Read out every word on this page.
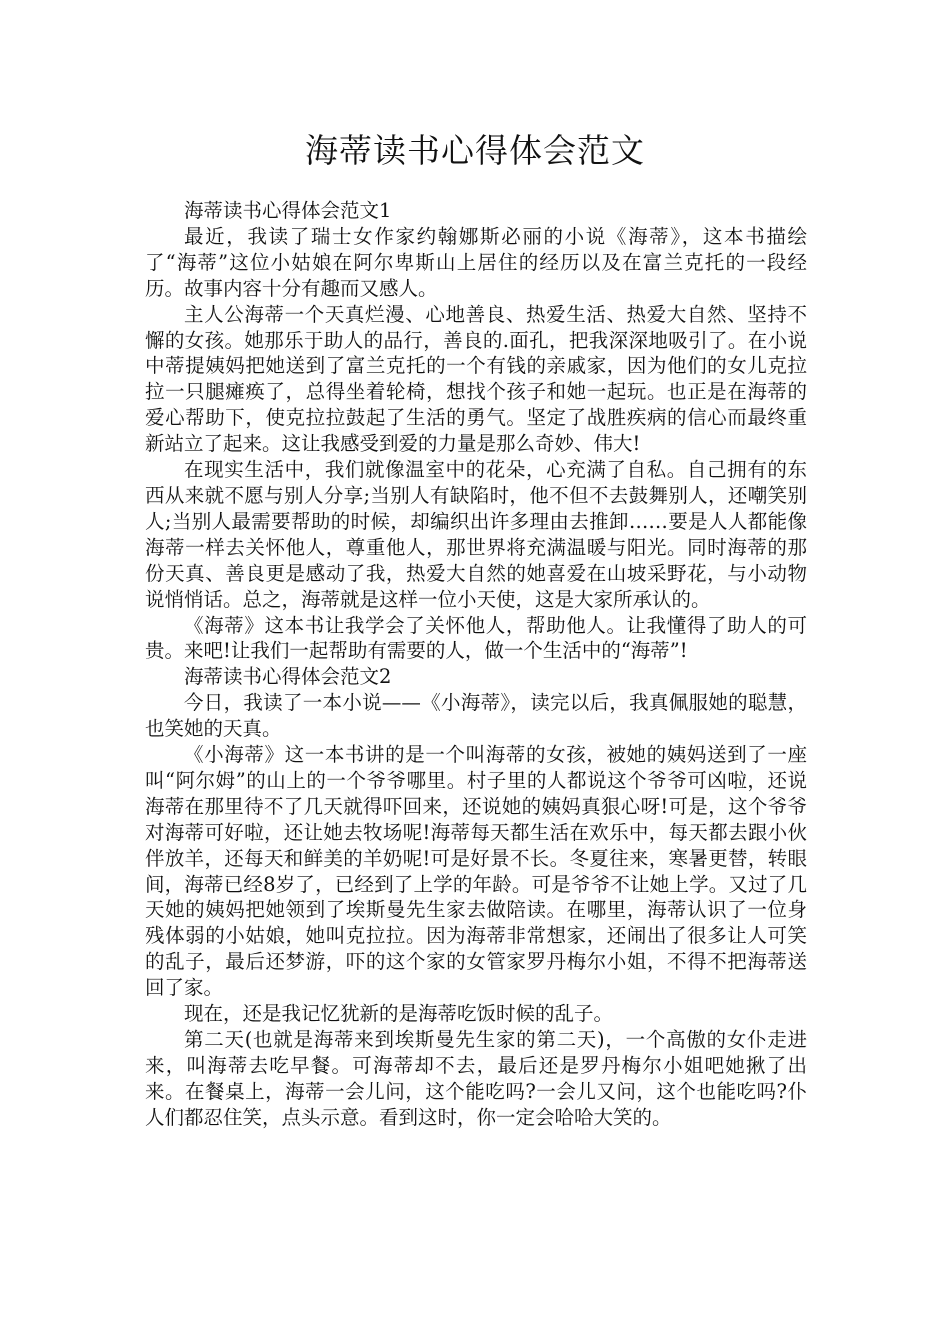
海蒂读书心得体会范文

海蒂读书心得体会范文1

最近，我读了瑞士女作家约翰娜斯必丽的小说《海蒂》，这本书描绘了“海蒂”这位小姑娘在阿尔卑斯山上居住的经历以及在富兰克托的一段经历。故事内容十分有趣而又感人。

主人公海蒂一个天真烂漫、心地善良、热爱生活、热爱大自然、坚持不懈的女孩。她那乐于助人的品行，善良的.面孔，把我深深地吸引了。在小说中蒂提姨妈把她送到了富兰克托的一个有钱的亲戚家，因为他们的女儿克拉拉一只腿瘫痪了，总得坐着轮椅，想找个孩子和她一起玩。也正是在海蒂的爱心帮助下，使克拉拉鼓起了生活的勇气。坚定了战胜疾病的信心而最终重新站立了起来。这让我感受到爱的力量是那么奇妙、伟大!

在现实生活中，我们就像温室中的花朵，心充满了自私。自己拥有的东西从来就不愿与别人分享;当别人有缺陷时，他不但不去鼓舞别人，还嘲笑别人;当别人最需要帮助的时候，却编织出许多理由去推卸……要是人人都能像海蒂一样去关怀他人，尊重他人，那世界将充满温暖与阳光。同时海蒂的那份天真、善良更是感动了我，热爱大自然的她喜爱在山坡采野花，与小动物说悄悄话。总之，海蒂就是这样一位小天使，这是大家所承认的。

《海蒂》这本书让我学会了关怀他人，帮助他人。让我懂得了助人的可贵。来吧!让我们一起帮助有需要的人，做一个生活中的“海蒂”!

海蒂读书心得体会范文2

今日，我读了一本小说——《小海蒂》，读完以后，我真佩服她的聪慧，也笑她的天真。

《小海蒂》这一本书讲的是一个叫海蒂的女孩，被她的姨妈送到了一座叫“阿尔姆”的山上的一个爷爷哪里。村子里的人都说这个爷爷可凶啦，还说海蒂在那里待不了几天就得吓回来，还说她的姨妈真狠心呀!可是，这个爷爷对海蒂可好啦，还让她去牧场呢!海蒂每天都生活在欢乐中，每天都去跟小伙伴放羊，还每天和鲜美的羊奶呢!可是好景不长。冬夏往来，寒暑更替，转眼间，海蒂已经8岁了，已经到了上学的年龄。可是爷爷不让她上学。又过了几天她的姨妈把她领到了埃斯曼先生家去做陪读。在哪里，海蒂认识了一位身残体弱的小姑娘，她叫克拉拉。因为海蒂非常想家，还闹出了很多让人可笑的乱子，最后还梦游，吓的这个家的女管家罗丹梅尔小姐，不得不把海蒂送回了家。

现在，还是我记忆犹新的是海蒂吃饭时候的乱子。

第二天(也就是海蒂来到埃斯曼先生家的第二天)，一个高傲的女仆走进来，叫海蒂去吃早餐。可海蒂却不去，最后还是罗丹梅尔小姐吧她揪了出来。在餐桌上，海蒂一会儿问，这个能吃吗?一会儿又问，这个也能吃吗?仆人们都忍住笑，点头示意。看到这时，你一定会哈哈大笑的。
